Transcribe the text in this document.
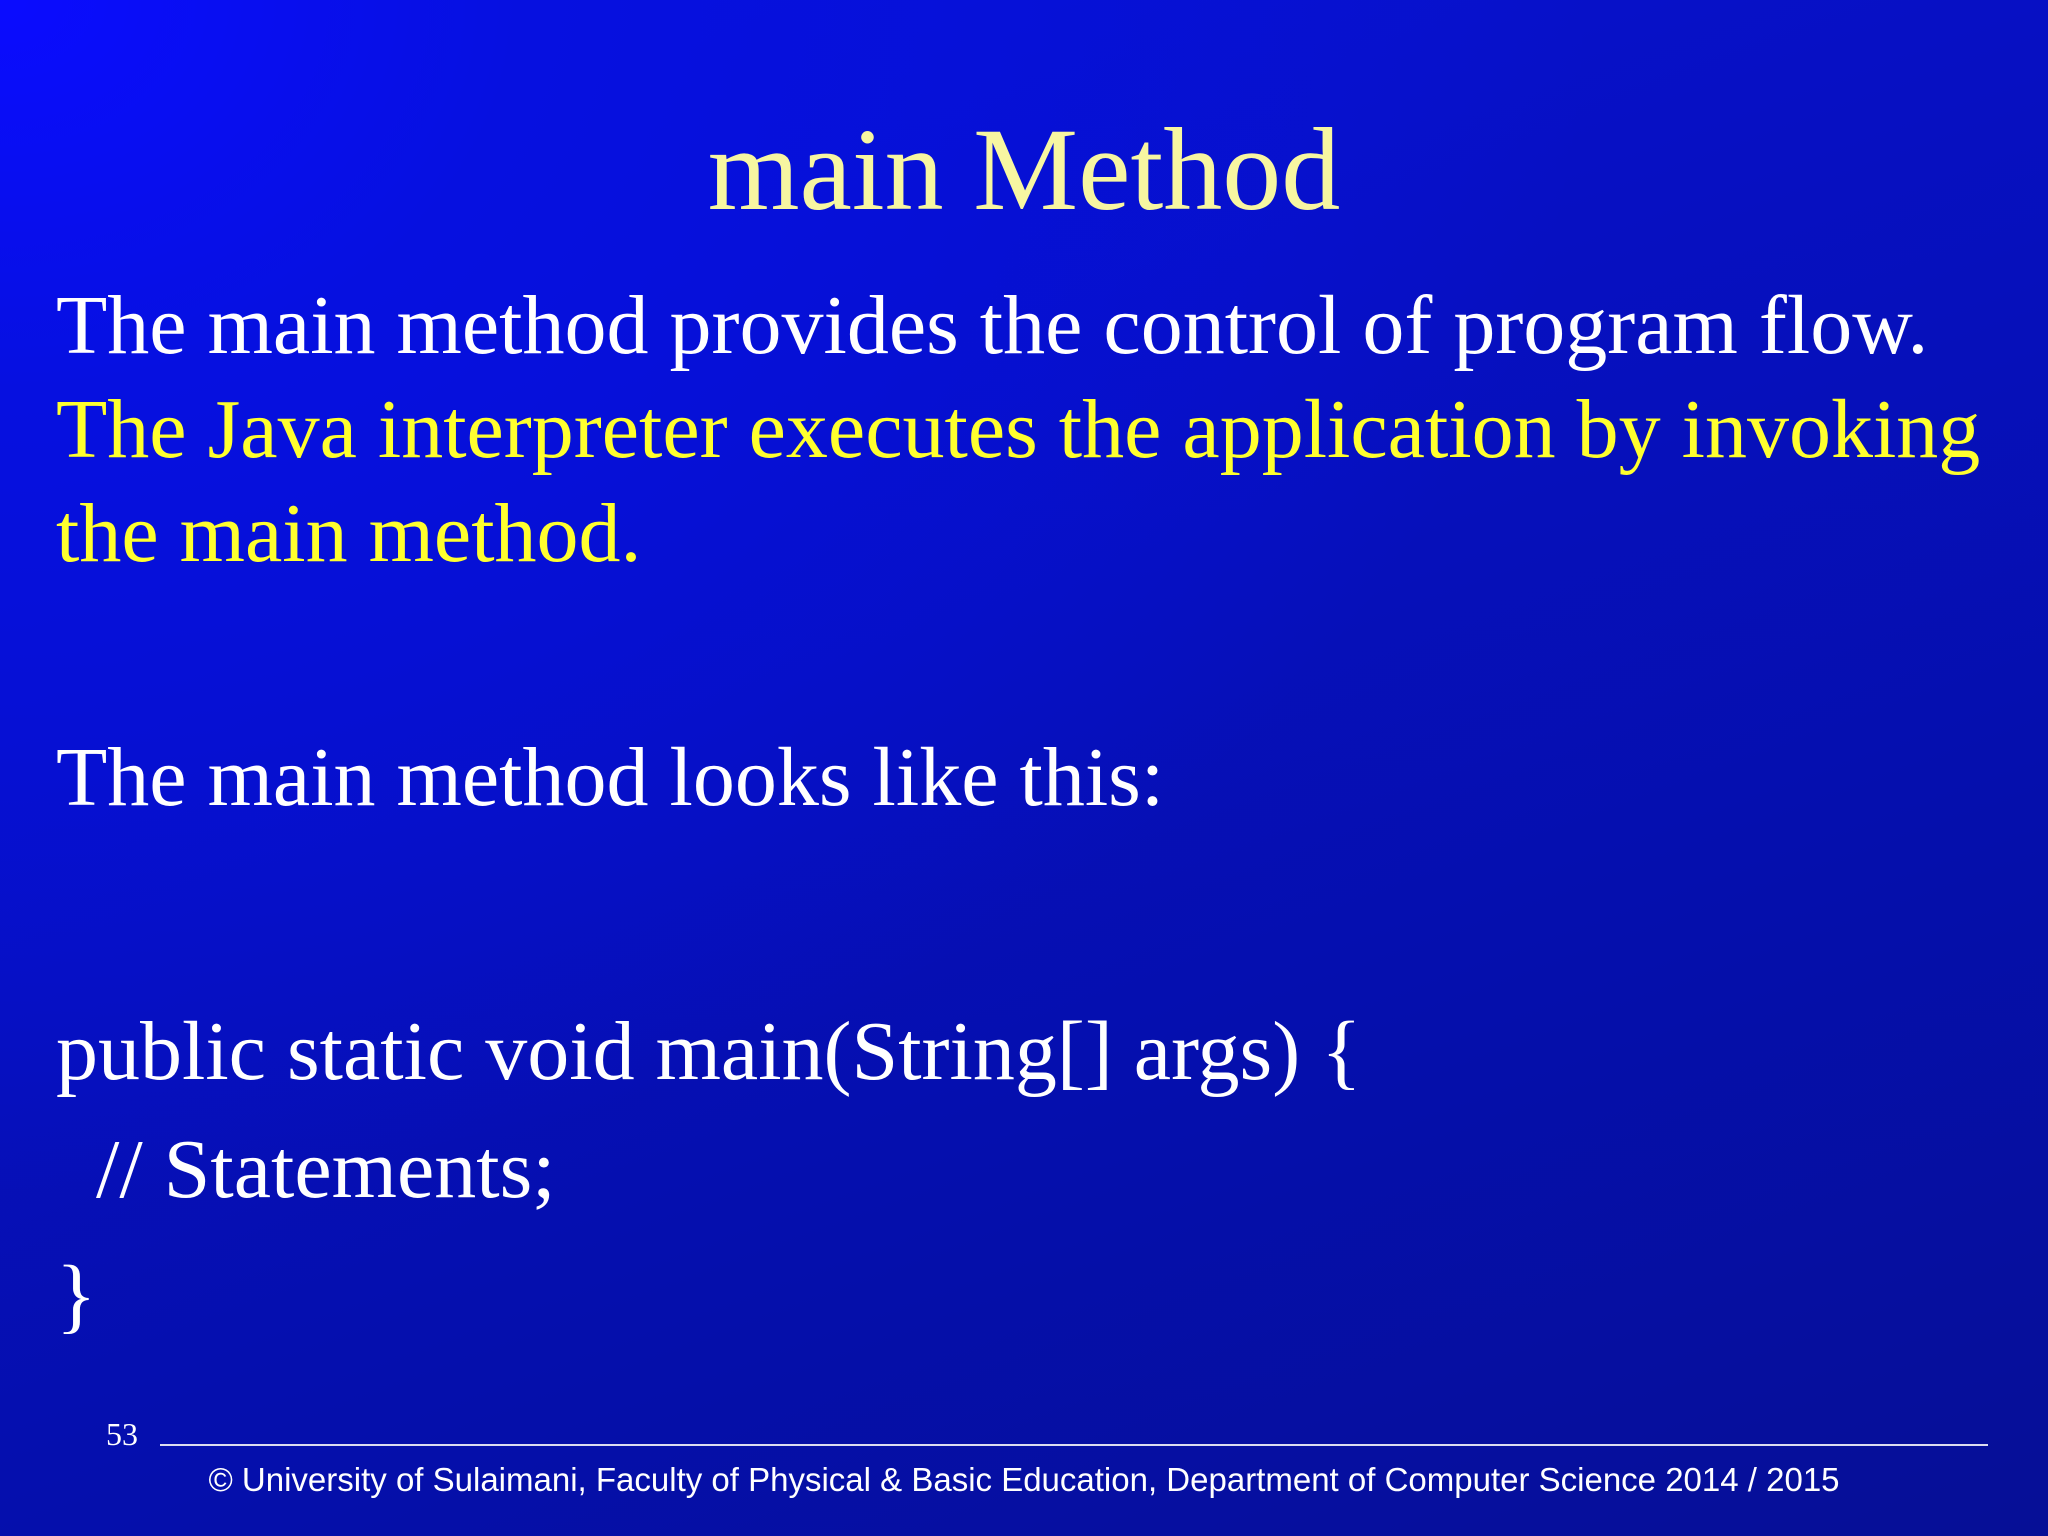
main Method

The main method provides the control of program flow.

The Java interpreter executes the application by invoking

the main method.

The main method looks like this:

public static void main(String[] args) {

// Statements;

}

53
© University of Sulaimani, Faculty of Physical & Basic Education, Department of Computer Science 2014 / 2015
